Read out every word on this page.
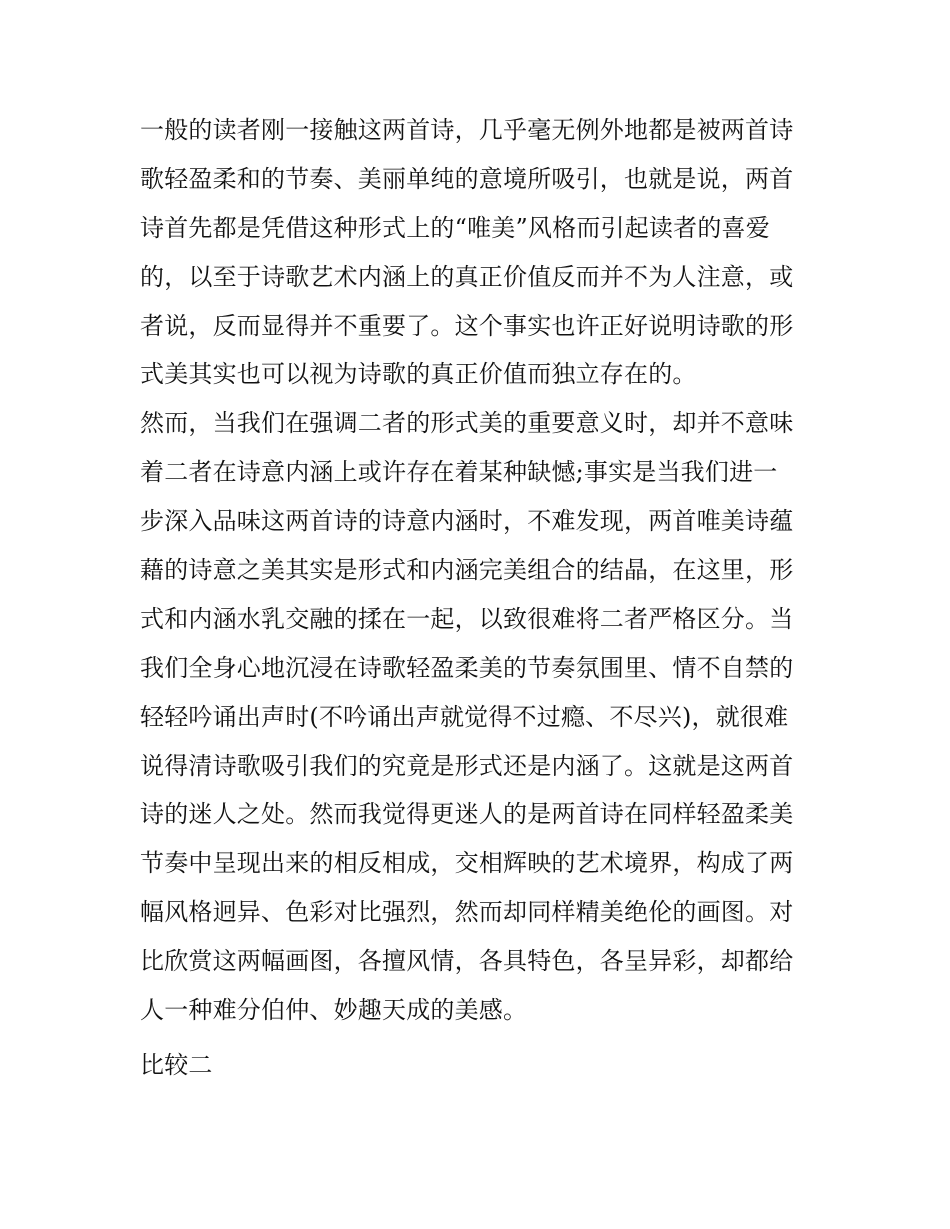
一般的读者刚一接触这两首诗，几乎毫无例外地都是被两首诗
歌轻盈柔和的节奏、美丽单纯的意境所吸引，也就是说，两首
诗首先都是凭借这种形式上的“唯美”风格而引起读者的喜爱
的，以至于诗歌艺术内涵上的真正价值反而并不为人注意，或
者说，反而显得并不重要了。这个事实也许正好说明诗歌的形
式美其实也可以视为诗歌的真正价值而独立存在的。
然而，当我们在强调二者的形式美的重要意义时，却并不意味
着二者在诗意内涵上或许存在着某种缺憾;事实是当我们进一
步深入品味这两首诗的诗意内涵时，不难发现，两首唯美诗蕴
藉的诗意之美其实是形式和内涵完美组合的结晶，在这里，形
式和内涵水乳交融的揉在一起，以致很难将二者严格区分。当
我们全身心地沉浸在诗歌轻盈柔美的节奏氛围里、情不自禁的
轻轻吟诵出声时(不吟诵出声就觉得不过瘾、不尽兴)，就很难
说得清诗歌吸引我们的究竟是形式还是内涵了。这就是这两首
诗的迷人之处。然而我觉得更迷人的是两首诗在同样轻盈柔美
节奏中呈现出来的相反相成，交相辉映的艺术境界，构成了两
幅风格迥异、色彩对比强烈，然而却同样精美绝伦的画图。对
比欣赏这两幅画图，各擅风情，各具特色，各呈异彩，却都给
人一种难分伯仲、妙趣天成的美感。
比较二
